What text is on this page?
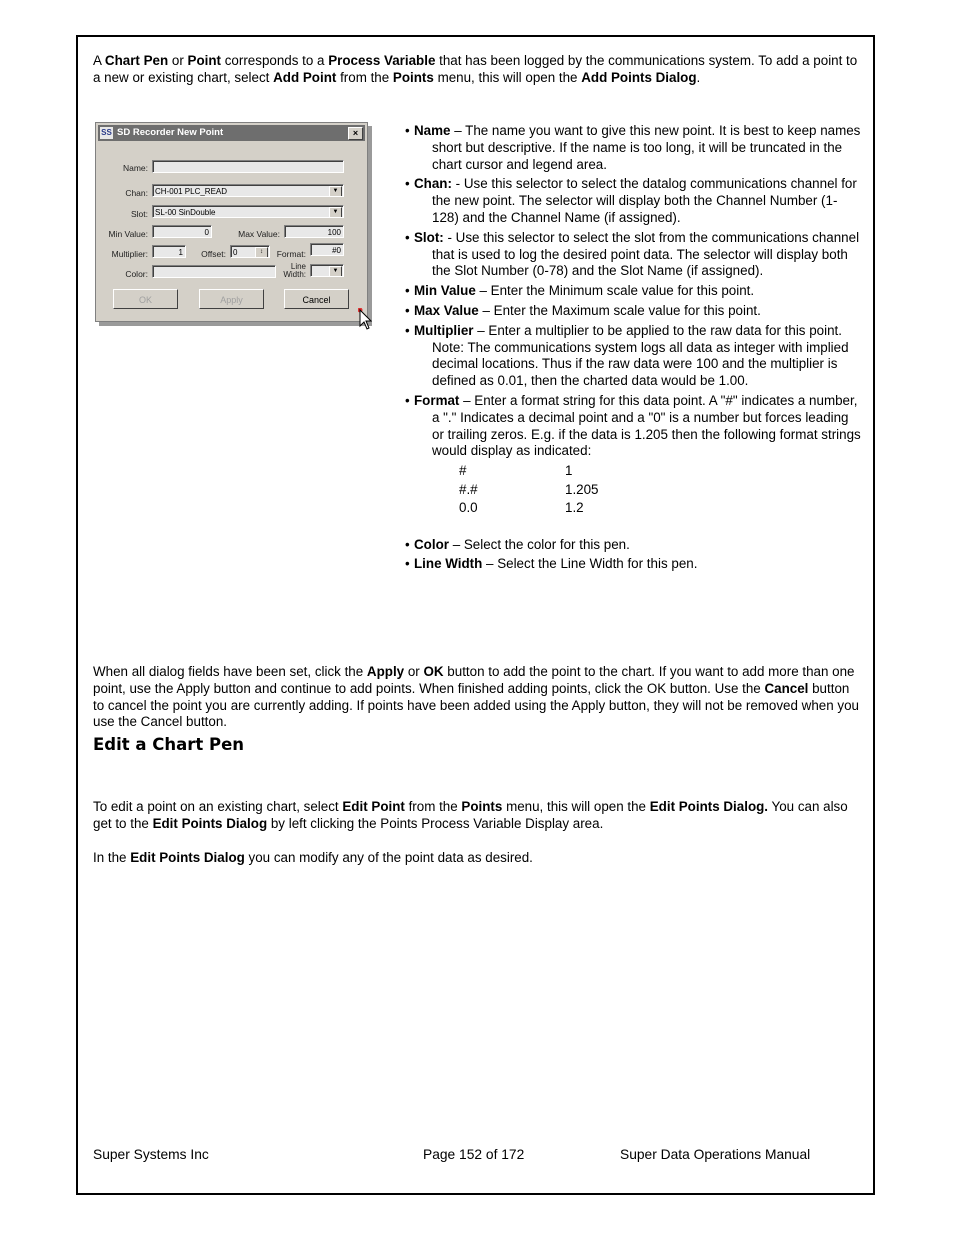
A Chart Pen or Point corresponds to a Process Variable that has been logged by the communications system. To add a point to a new or existing chart, select Add Point from the Points menu, this will open the Add Points Dialog.

SS SD Recorder New Point	×
Name:
Chan: CH-001 PLC_READ	▼
Slot: SL-00 SinDouble	▼
Min Value:	0	Max Value:	100
Multiplier:	1	Offset: 0	↕	Format:	#0
Color:
Line Width:	▼
OK	Apply	Cancel
• Name – The name you want to give this new point. It is best to keep names short but descriptive. If the name is too long, it will be truncated in the chart cursor and legend area.
• Chan: - Use this selector to select the datalog communications channel for the new point. The selector will display both the Channel Number (1-128) and the Channel Name (if assigned).
• Slot: - Use this selector to select the slot from the communications channel that is used to log the desired point data. The selector will display both the Slot Number (0-78) and the Slot Name (if assigned).
• Min Value – Enter the Minimum scale value for this point.
• Max Value – Enter the Maximum scale value for this point.
• Multiplier – Enter a multiplier to be applied to the raw data for this point. Note: The communications system logs all data as integer with implied decimal locations. Thus if the raw data were 100 and the multiplier is defined as 0.01, then the charted data would be 1.00.
• Format – Enter a format string for this data point. A "#" indicates a number, a "." Indicates a decimal point and a "0" is a number but forces leading or trailing zeros. E.g. if the data is 1.205 then the following format strings would display as indicated:
#	1
#.#	1.205
0.0	1.2
• Color – Select the color for this pen.
• Line Width – Select the Line Width for this pen.

When all dialog fields have been set, click the Apply or OK button to add the point to the chart. If you want to add more than one point, use the Apply button and continue to add points. When finished adding points, click the OK button. Use the Cancel button to cancel the point you are currently adding. If points have been added using the Apply button, they will not be removed when you use the Cancel button.

Edit a Chart Pen

To edit a point on an existing chart, select Edit Point from the Points menu, this will open the Edit Points Dialog. You can also get to the Edit Points Dialog by left clicking the Points Process Variable Display area.

In the Edit Points Dialog you can modify any of the point data as desired.

Super Systems Inc	Page 152 of 172	Super Data Operations Manual
